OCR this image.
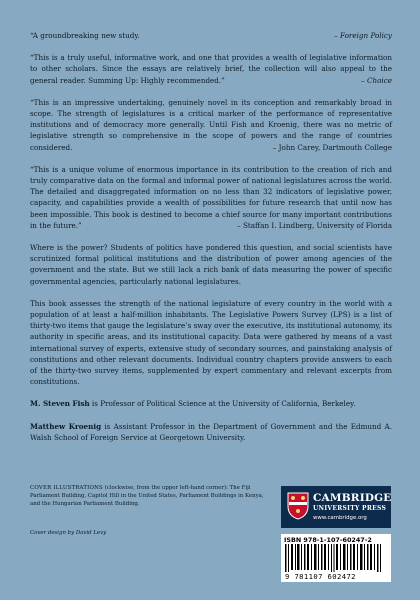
“A groundbreaking new study.	– Foreign Policy

“This is a truly useful, informative work, and one that provides a wealth of legislative information to other scholars. Since the essays are relatively brief, the collection will also appeal to the general reader. Summing Up: Highly recommended.”	– Choice

“This is an impressive undertaking, genuinely novel in its conception and remarkably broad in scope. The strength of legislatures is a critical marker of the performance of representative institutions and of democracy more generally. Until Fish and Kroenig, there was no metric of legislative strength so comprehensive in the scope of powers and the range of countries considered.	– John Carey, Dartmouth College

“This is a unique volume of enormous importance in its contribution to the creation of rich and truly comparative data on the formal and informal power of national legislatures across the world. The detailed and disaggregated information on no less than 32 indicators of legislative power, capacity, and capabilities provide a wealth of possibilities for future research that until now has been impossible. This book is destined to become a chief source for many important contributions in the future.”	– Staffan I. Lindberg, University of Florida

Where is the power? Students of politics have pondered this question, and social scientists have scrutinized formal political institutions and the distribution of power among agencies of the government and the state. But we still lack a rich bank of data measuring the power of specific governmental agencies, particularly national legislatures.

This book assesses the strength of the national legislature of every country in the world with a population of at least a half-million inhabitants. The Legislative Powers Survey (LPS) is a list of thirty-two items that gauge the legislature’s sway over the executive, its institutional autonomy, its authority in specific areas, and its institutional capacity. Data were gathered by means of a vast international survey of experts, extensive study of secondary sources, and painstaking analysis of constitutions and other relevant documents. Individual country chapters provide answers to each of the thirty-two survey items, supplemented by expert commentary and relevant excerpts from constitutions.

M. Steven Fish is Professor of Political Science at the University of California, Berkeley.

Matthew Kroenig is Assistant Professor in the Department of Government and the Edmund A. Walsh School of Foreign Service at Georgetown University.

COVER ILLUSTRATIONS (clockwise, from the upper left-hand corner): The Fiji Parliament Building, Capitol Hill in the United States, Parliament Buildings in Kenya, and the Hungarian Parliament Building.
Cover design by David Levy
CAMBRIDGE
UNIVERSITY PRESS
www.cambridge.org
ISBN 978-1-107-60247-2
9 781107 602472
